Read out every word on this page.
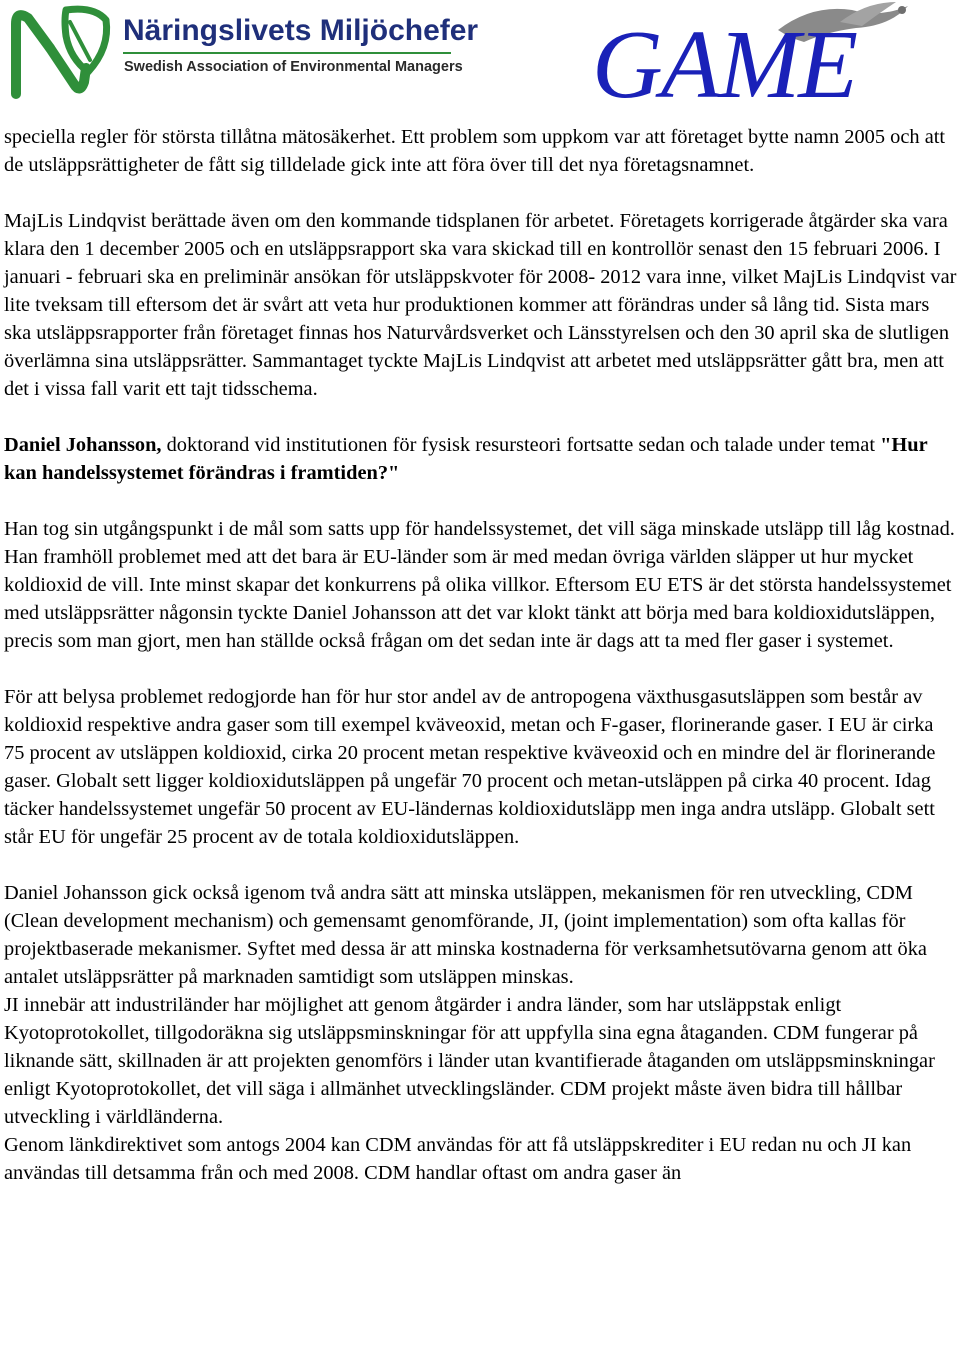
Näringslivets Miljöchefer
Swedish Association of Environmental Managers GAME

speciella regler för största tillåtna mätosäkerhet. Ett problem som uppkom var att företaget bytte namn 2005 och att de utsläppsrättigheter de fått sig tilldelade gick inte att föra över till det nya företagsnamnet.

MajLis Lindqvist berättade även om den kommande tidsplanen för arbetet. Företagets korrigerade åtgärder ska vara klara den 1 december 2005 och en utsläppsrapport ska vara skickad till en kontrollör senast den 15 februari 2006. I januari - februari ska en preliminär ansökan för utsläppskvoter för 2008- 2012 vara inne, vilket MajLis Lindqvist var lite tveksam till eftersom det är svårt att veta hur produktionen kommer att förändras under så lång tid. Sista mars ska utsläppsrapporter från företaget finnas hos Naturvårdsverket och Länsstyrelsen och den 30 april ska de slutligen överlämna sina utsläppsrätter. Sammantaget tyckte MajLis Lindqvist att arbetet med utsläppsrätter gått bra, men att det i vissa fall varit ett tajt tidsschema.

Daniel Johansson, doktorand vid institutionen för fysisk resursteori fortsatte sedan och talade under temat "Hur kan handelssystemet förändras i framtiden?"

Han tog sin utgångspunkt i de mål som satts upp för handelssystemet, det vill säga minskade utsläpp till låg kostnad. Han framhöll problemet med att det bara är EU-länder som är med medan övriga världen släpper ut hur mycket koldioxid de vill. Inte minst skapar det konkurrens på olika villkor. Eftersom EU ETS är det största handelssystemet med utsläppsrätter någonsin tyckte Daniel Johansson att det var klokt tänkt att börja med bara koldioxidutsläppen, precis som man gjort, men han ställde också frågan om det sedan inte är dags att ta med fler gaser i systemet.

För att belysa problemet redogjorde han för hur stor andel av de antropogena växthusgasutsläppen som består av koldioxid respektive andra gaser som till exempel kväveoxid, metan och F-gaser, florinerande gaser. I EU är cirka 75 procent av utsläppen koldioxid, cirka 20 procent metan respektive kväveoxid och en mindre del är florinerande gaser. Globalt sett ligger koldioxidutsläppen på ungefär 70 procent och metan-utsläppen på cirka 40 procent. Idag täcker handelssystemet ungefär 50 procent av EU-ländernas koldioxidutsläpp men inga andra utsläpp. Globalt sett står EU för ungefär 25 procent av de totala koldioxidutsläppen.

Daniel Johansson gick också igenom två andra sätt att minska utsläppen, mekanismen för ren utveckling, CDM (Clean development mechanism) och gemensamt genomförande, JI, (joint implementation) som ofta kallas för projektbaserade mekanismer. Syftet med dessa är att minska kostnaderna för verksamhetsutövarna genom att öka antalet utsläppsrätter på marknaden samtidigt som utsläppen minskas.

JI innebär att industriländer har möjlighet att genom åtgärder i andra länder, som har utsläppstak enligt Kyotoprotokollet, tillgodoräkna sig utsläppsminskningar för att uppfylla sina egna åtaganden. CDM fungerar på liknande sätt, skillnaden är att projekten genomförs i länder utan kvantifierade åtaganden om utsläppsminskningar enligt Kyotoprotokollet, det vill säga i allmänhet utvecklingsländer. CDM projekt måste även bidra till hållbar utveckling i världländerna.

Genom länkdirektivet som antogs 2004 kan CDM användas för att få utsläppskrediter i EU redan nu och JI kan användas till detsamma från och med 2008. CDM handlar oftast om andra gaser än
